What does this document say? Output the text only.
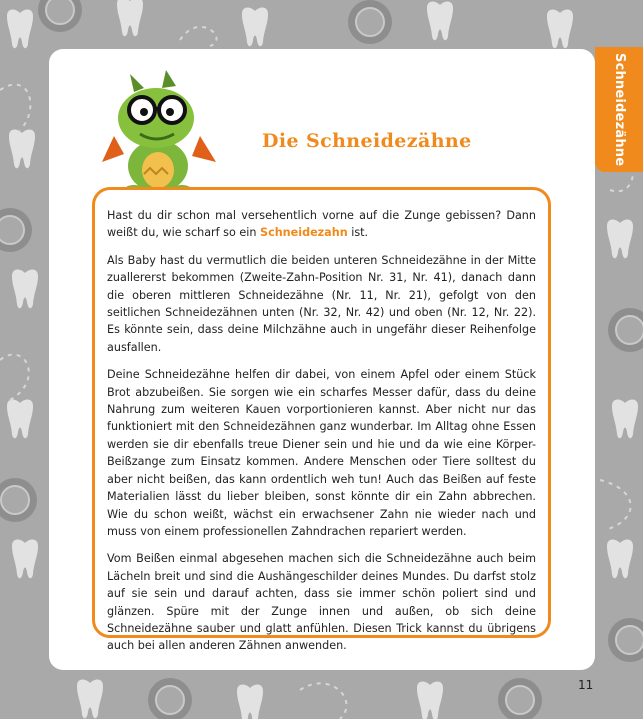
Schneidezähne
Die Schneidezähne

Hast du dir schon mal versehentlich vorne auf die Zunge gebissen? Dann weißt du, wie scharf so ein Schneidezahn ist.

Als Baby hast du vermutlich die beiden unteren Schneidezähne in der Mitte zuallererst bekommen (Zweite-Zahn-Position Nr. 31, Nr. 41), danach dann die oberen mittleren Schneidezähne (Nr. 11, Nr. 21), gefolgt von den seitlichen Schneidezähnen unten (Nr. 32, Nr. 42) und oben (Nr. 12, Nr. 22). Es könnte sein, dass deine Milchzähne auch in ungefähr dieser Reihenfolge ausfallen.

Deine Schneidezähne helfen dir dabei, von einem Apfel oder einem Stück Brot abzubeißen. Sie sorgen wie ein scharfes Messer dafür, dass du deine Nahrung zum weiteren Kauen vorportionieren kannst. Aber nicht nur das funktioniert mit den Schneidezähnen ganz wunderbar. Im Alltag ohne Essen werden sie dir ebenfalls treue Diener sein und hie und da wie eine Körper-Beißzange zum Einsatz kommen. Andere Menschen oder Tiere solltest du aber nicht beißen, das kann ordentlich weh tun! Auch das Beißen auf feste Materialien lässt du lieber bleiben, sonst könnte dir ein Zahn abbrechen. Wie du schon weißt, wächst ein erwachsener Zahn nie wieder nach und muss von einem professionellen Zahndrachen repariert werden.

Vom Beißen einmal abgesehen machen sich die Schneidezähne auch beim Lächeln breit und sind die Aushängeschilder deines Mundes. Du darfst stolz auf sie sein und darauf achten, dass sie immer schön poliert sind und glänzen. Spüre mit der Zunge innen und außen, ob sich deine Schneidezähne sauber und glatt anfühlen. Diesen Trick kannst du übrigens auch bei allen anderen Zähnen anwenden.

11
